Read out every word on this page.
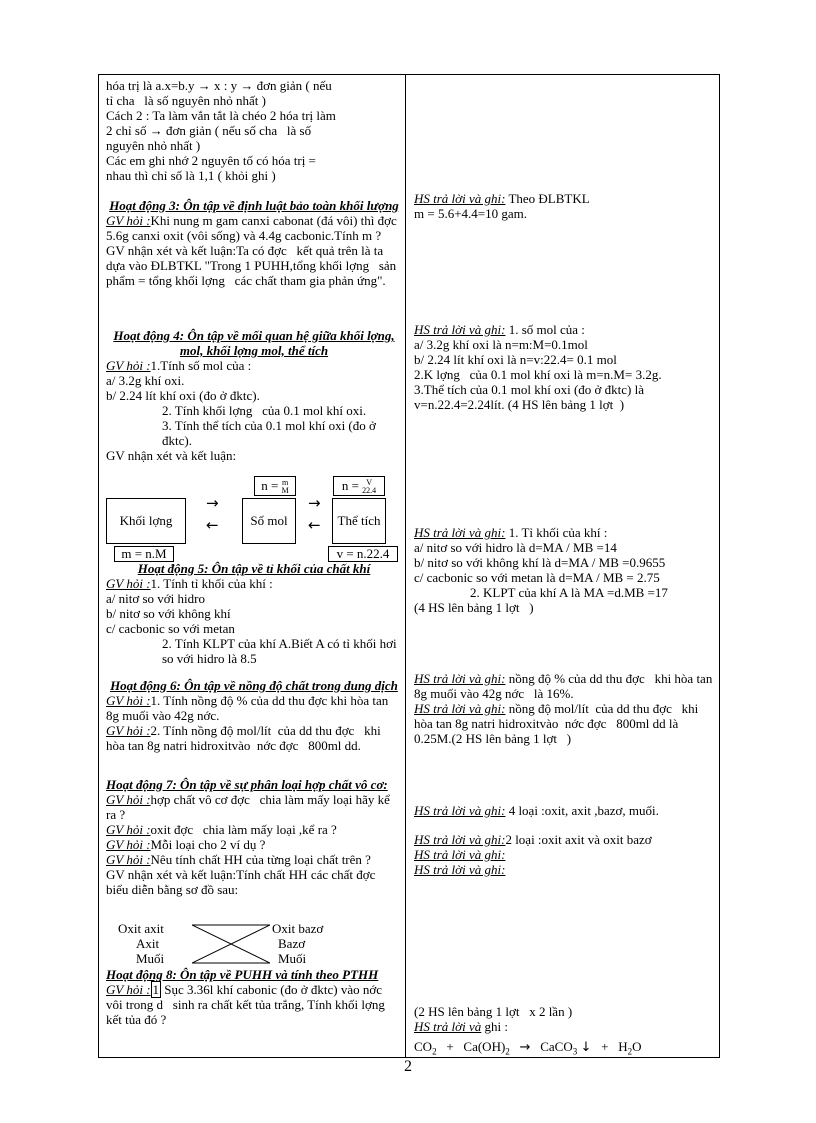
hóa trị là a.x=b.y → x : y → đơn giản ( nếu
tỉ cha   là số nguyên nhỏ nhất )
Cách 2 : Ta làm vắn tắt là chéo 2 hóa trị làm
2 chỉ số → đơn giản ( nếu số cha   là số
nguyên nhỏ nhất )
Các em ghi nhớ 2 nguyên tố có hóa trị =
nhau thì chỉ số là 1,1 ( khỏi ghi )
Hoạt động 3: Ôn tập về định luật bảo toàn khối lượng
GV hỏi :Khi nung m gam canxi cabonat (đá vôi) thì đợc   5.6g canxi oxit (vôi sống) và 4.4g cacbonic.Tính m ?
GV nhận xét và kết luận:Ta có đợc   kết quả trên là ta dựa vào ĐLBTKL "Trong 1 PUHH,tổng khối lợng   sản phẩm = tổng khối lợng   các chất tham gia phản ứng".
Hoạt động 4: Ôn tập về mối quan hệ giữa khối lợng, mol, khối lợng mol, thể tích
GV hỏi :1.Tính số mol của :
a/ 3.2g khí oxi.
b/ 2.24 lít khí oxi (đo ở đktc).
2. Tính khối lợng   của 0.1 mol khí oxi.
3. Tính thể tích của 0.1 mol khí oxi (đo ở đktc).
GV nhận xét và kết luận:
n = m
M	n = V
22.4
Khối lợng	Số mol	Thể tích
→
←
→
←
m = n.M	v = n.22.4
Hoạt động 5: Ôn tập về tỉ khối của chất khí
GV hỏi :1. Tính tỉ khối của khí :
a/ nitơ so với hidro
b/ nitơ so với không khí
c/ cacbonic so với metan
2. Tính KLPT của khí A.Biết A có tỉ khối hơi so với hidro là 8.5
Hoạt động 6: Ôn tập về nồng độ chất trong dung dịch
GV hỏi :1. Tính nồng độ % của dd thu đợc khi hòa tan 8g muối vào 42g nớc.
GV hỏi :2. Tính nồng độ mol/lít  của dd thu đợc   khi hòa tan 8g natri hidroxitvào  nớc đợc   800ml dd.
Hoạt động 7: Ôn tập về sự phân loại hợp chất vô cơ:
GV hỏi :hợp chất vô cơ đợc   chia làm mấy loại hãy kể ra ?
GV hỏi :oxit đợc   chia làm mấy loại ,kể ra ?
GV hỏi :Mỗi loại cho 2 ví dụ ?
GV hỏi :Nêu tính chất HH của từng loại chất trên ?
GV nhận xét và kết luận:Tính chất HH các chất đợc   biểu diễn bằng sơ đồ sau:
Oxit axit
Axit
Muối
Oxit bazơ
Bazơ
Muối
Hoạt động 8: Ôn tập về PUHH và tính theo PTHH
GV hỏi : 1 Sục 3.36l khí cabonic (đo ở đktc) vào nớc   vôi trong d   sinh ra chất kết tủa trắng, Tính khối lợng   kết tủa đó ?
HS trả lời và ghi: Theo ĐLBTKL
m = 5.6+4.4=10 gam.
HS trả lời và ghi: 1. số mol của :
a/ 3.2g khí oxi là n=m:M=0.1mol
b/ 2.24 lít khí oxi là n=v:22.4= 0.1 mol
2.K lợng   của 0.1 mol khí oxi là m=n.M= 3.2g.
3.Thể tích của 0.1 mol khí oxi (đo ở đktc) là v=n.22.4=2.24lít. (4 HS lên bảng 1 lợt  )
HS trả lời và ghi: 1. Tỉ khối của khí :
a/ nitơ so với hidro là d=MA / MB =14
b/ nitơ so với không khí là d=MA / MB =0.9655
c/ cacbonic so với metan là d=MA / MB = 2.75
2. KLPT của khí A là MA =d.MB =17
(4 HS lên bảng 1 lợt   )
HS trả lời và ghi: nồng độ % của dd thu đợc   khi hòa tan 8g muối vào 42g nớc   là 16%.
HS trả lời và ghi: nồng độ mol/lít  của dd thu đợc   khi hòa tan 8g natri hidroxitvào  nớc đợc   800ml dd là 0.25M.(2 HS lên bảng 1 lợt   )
HS trả lời và ghi: 4 loại :oxit, axit ,bazơ, muối.
HS trả lời và ghi:2 loại :oxit axit và oxit bazơ
HS trả lời và ghi:
HS trả lời và ghi:
(2 HS lên bảng 1 lợt   x 2 lần )
HS trả lời và ghi :
$CO_2 + Ca(OH)_2$ → CaCO$_3$ ↓ + $H_2O$
2
